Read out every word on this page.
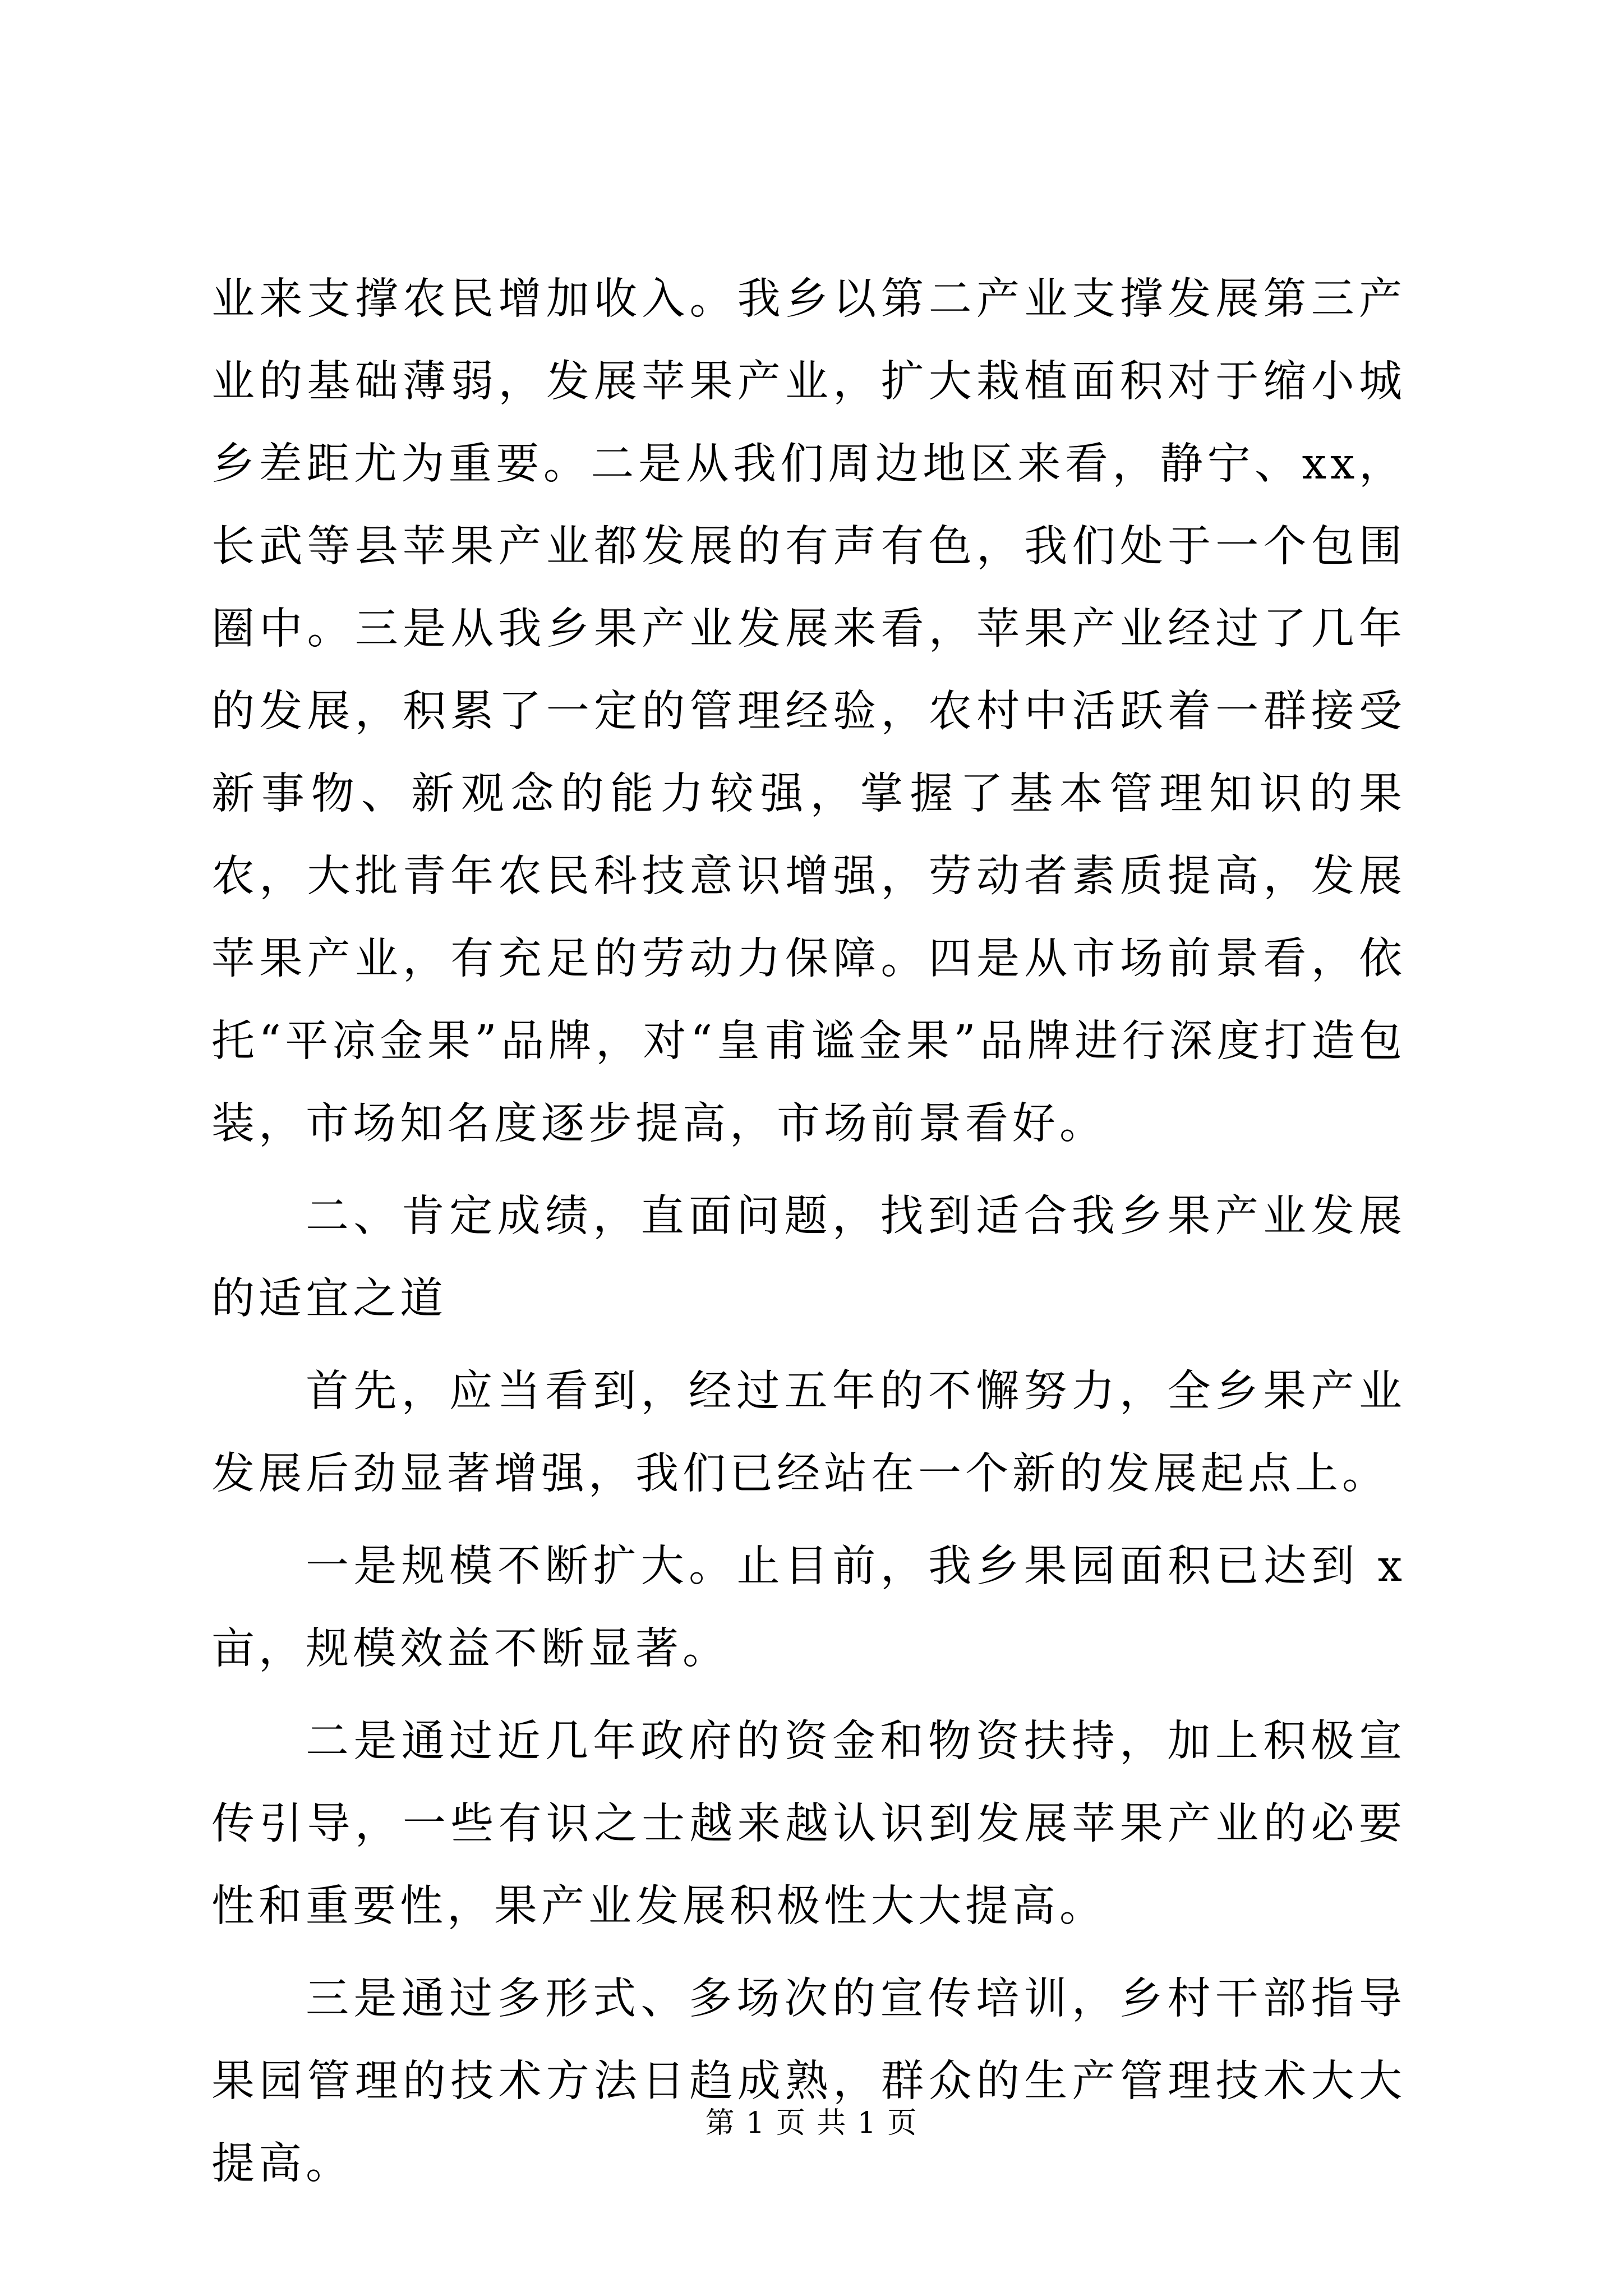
业来支撑农民增加收入。我乡以第二产业支撑发展第三产业的基础薄弱，发展苹果产业，扩大栽植面积对于缩小城乡差距尤为重要。二是从我们周边地区来看，静宁、xx，长武等县苹果产业都发展的有声有色，我们处于一个包围圈中。三是从我乡果产业发展来看，苹果产业经过了几年的发展，积累了一定的管理经验，农村中活跃着一群接受新事物、新观念的能力较强，掌握了基本管理知识的果农，大批青年农民科技意识增强，劳动者素质提高，发展苹果产业，有充足的劳动力保障。四是从市场前景看，依托“平凉金果”品牌，对“皇甫谧金果”品牌进行深度打造包装，市场知名度逐步提高，市场前景看好。

二、肯定成绩，直面问题，找到适合我乡果产业发展的适宜之道

首先，应当看到，经过五年的不懈努力，全乡果产业发展后劲显著增强，我们已经站在一个新的发展起点上。

一是规模不断扩大。止目前，我乡果园面积已达到 x 亩，规模效益不断显著。

二是通过近几年政府的资金和物资扶持，加上积极宣传引导，一些有识之士越来越认识到发展苹果产业的必要性和重要性，果产业发展积极性大大提高。

三是通过多形式、多场次的宣传培训，乡村干部指导果园管理的技术方法日趋成熟，群众的生产管理技术大大提高。

第 1 页 共 1 页
